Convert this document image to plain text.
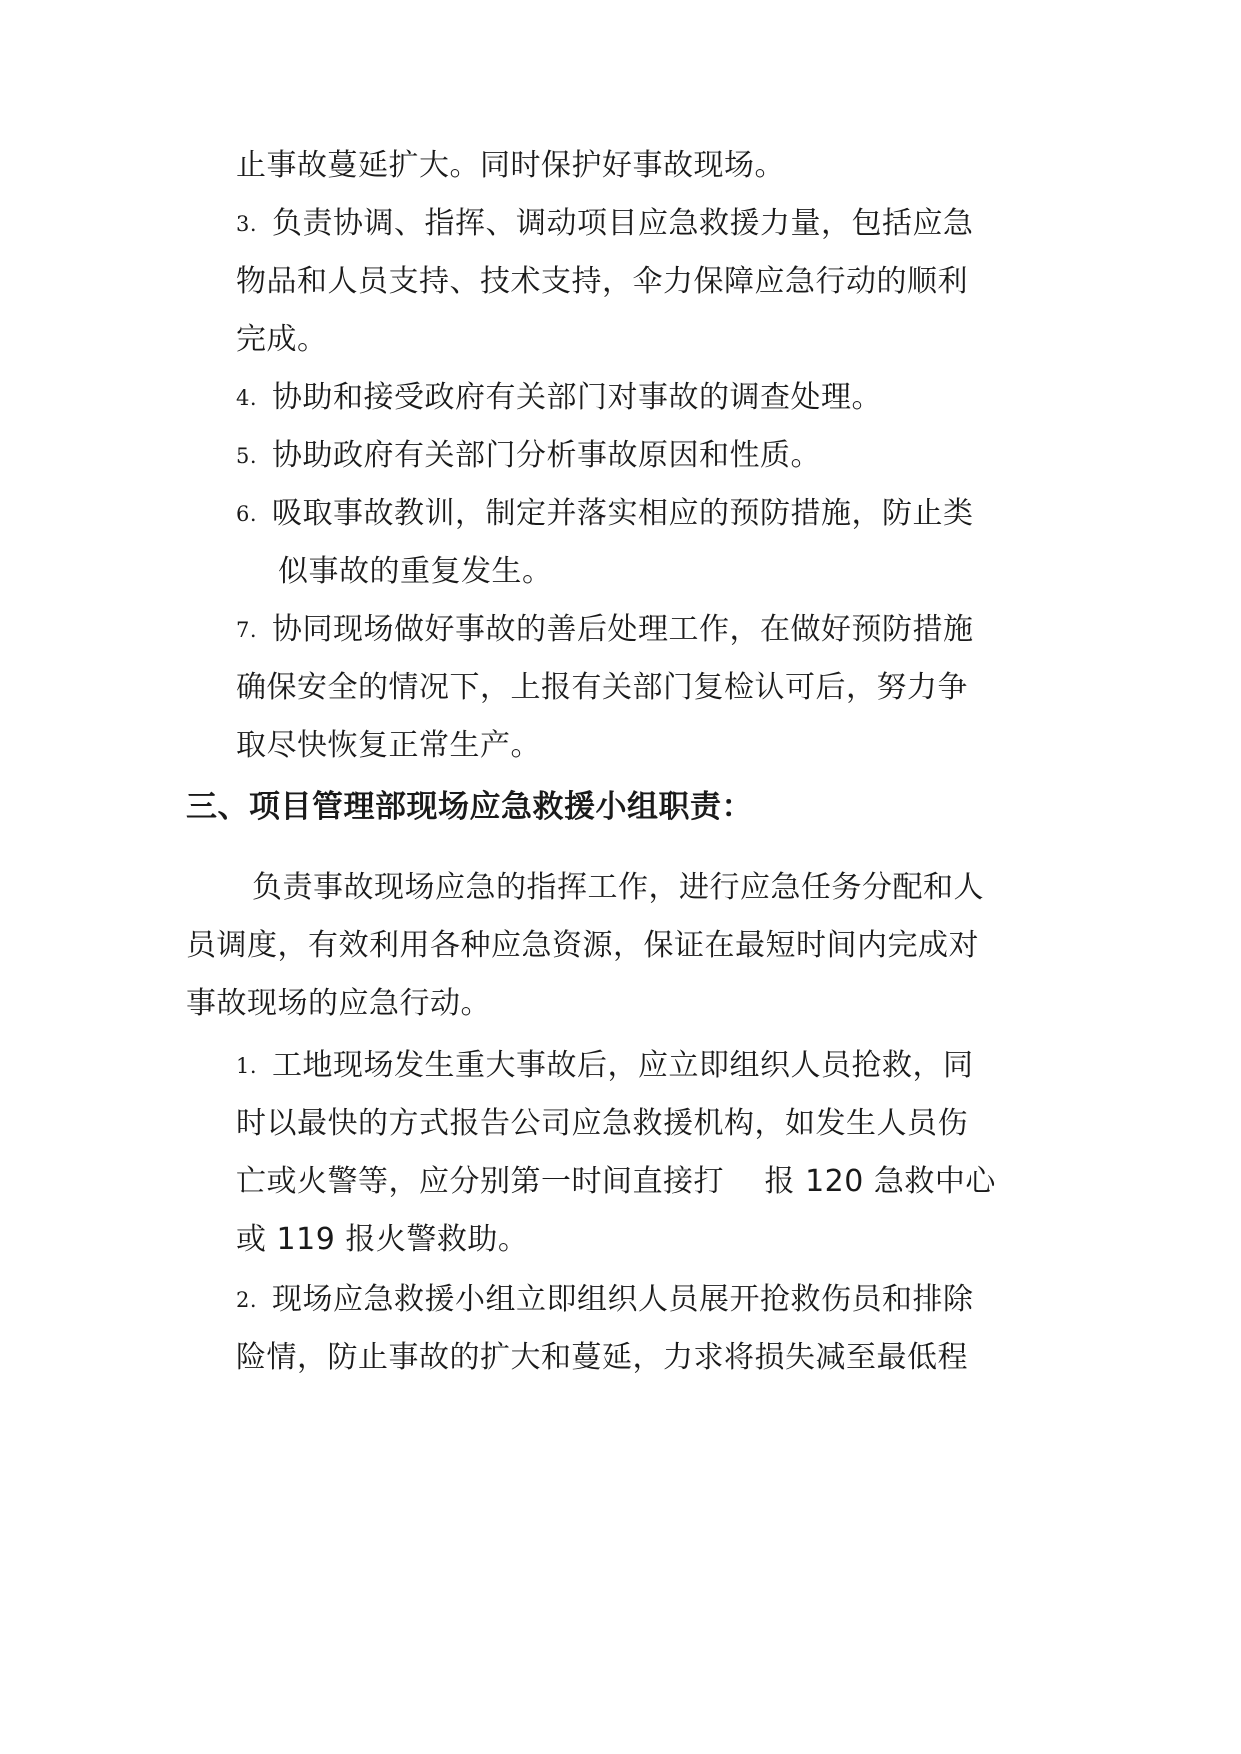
止事故蔓延扩大。同时保护好事故现场。
3. 负责协调、指挥、调动项目应急救援力量，包括应急
物品和人员支持、技术支持，伞力保障应急行动的顺利
完成。
4. 协助和接受政府有关部门对事故的调查处理。
5. 协助政府有关部门分析事故原因和性质。
6. 吸取事故教训，制定并落实相应的预防措施，防止类
似事故的重复发生。
7. 协同现场做好事故的善后处理工作，在做好预防措施
确保安全的情况下，上报有关部门复检认可后，努力争
取尽快恢复正常生产。
三、项目管理部现场应急救援小组职责：
负责事故现场应急的指挥工作，进行应急任务分配和人
员调度，有效利用各种应急资源，保证在最短时间内完成对
事故现场的应急行动。
1. 工地现场发生重大事故后，应立即组织人员抢救，同
时以最快的方式报告公司应急救援机构，如发生人员伤
亡或火警等，应分别第一时间直接打　 报 120 急救中心
或 119 报火警救助。
2. 现场应急救援小组立即组织人员展开抢救伤员和排除
险情，防止事故的扩大和蔓延，力求将损失减至最低程
